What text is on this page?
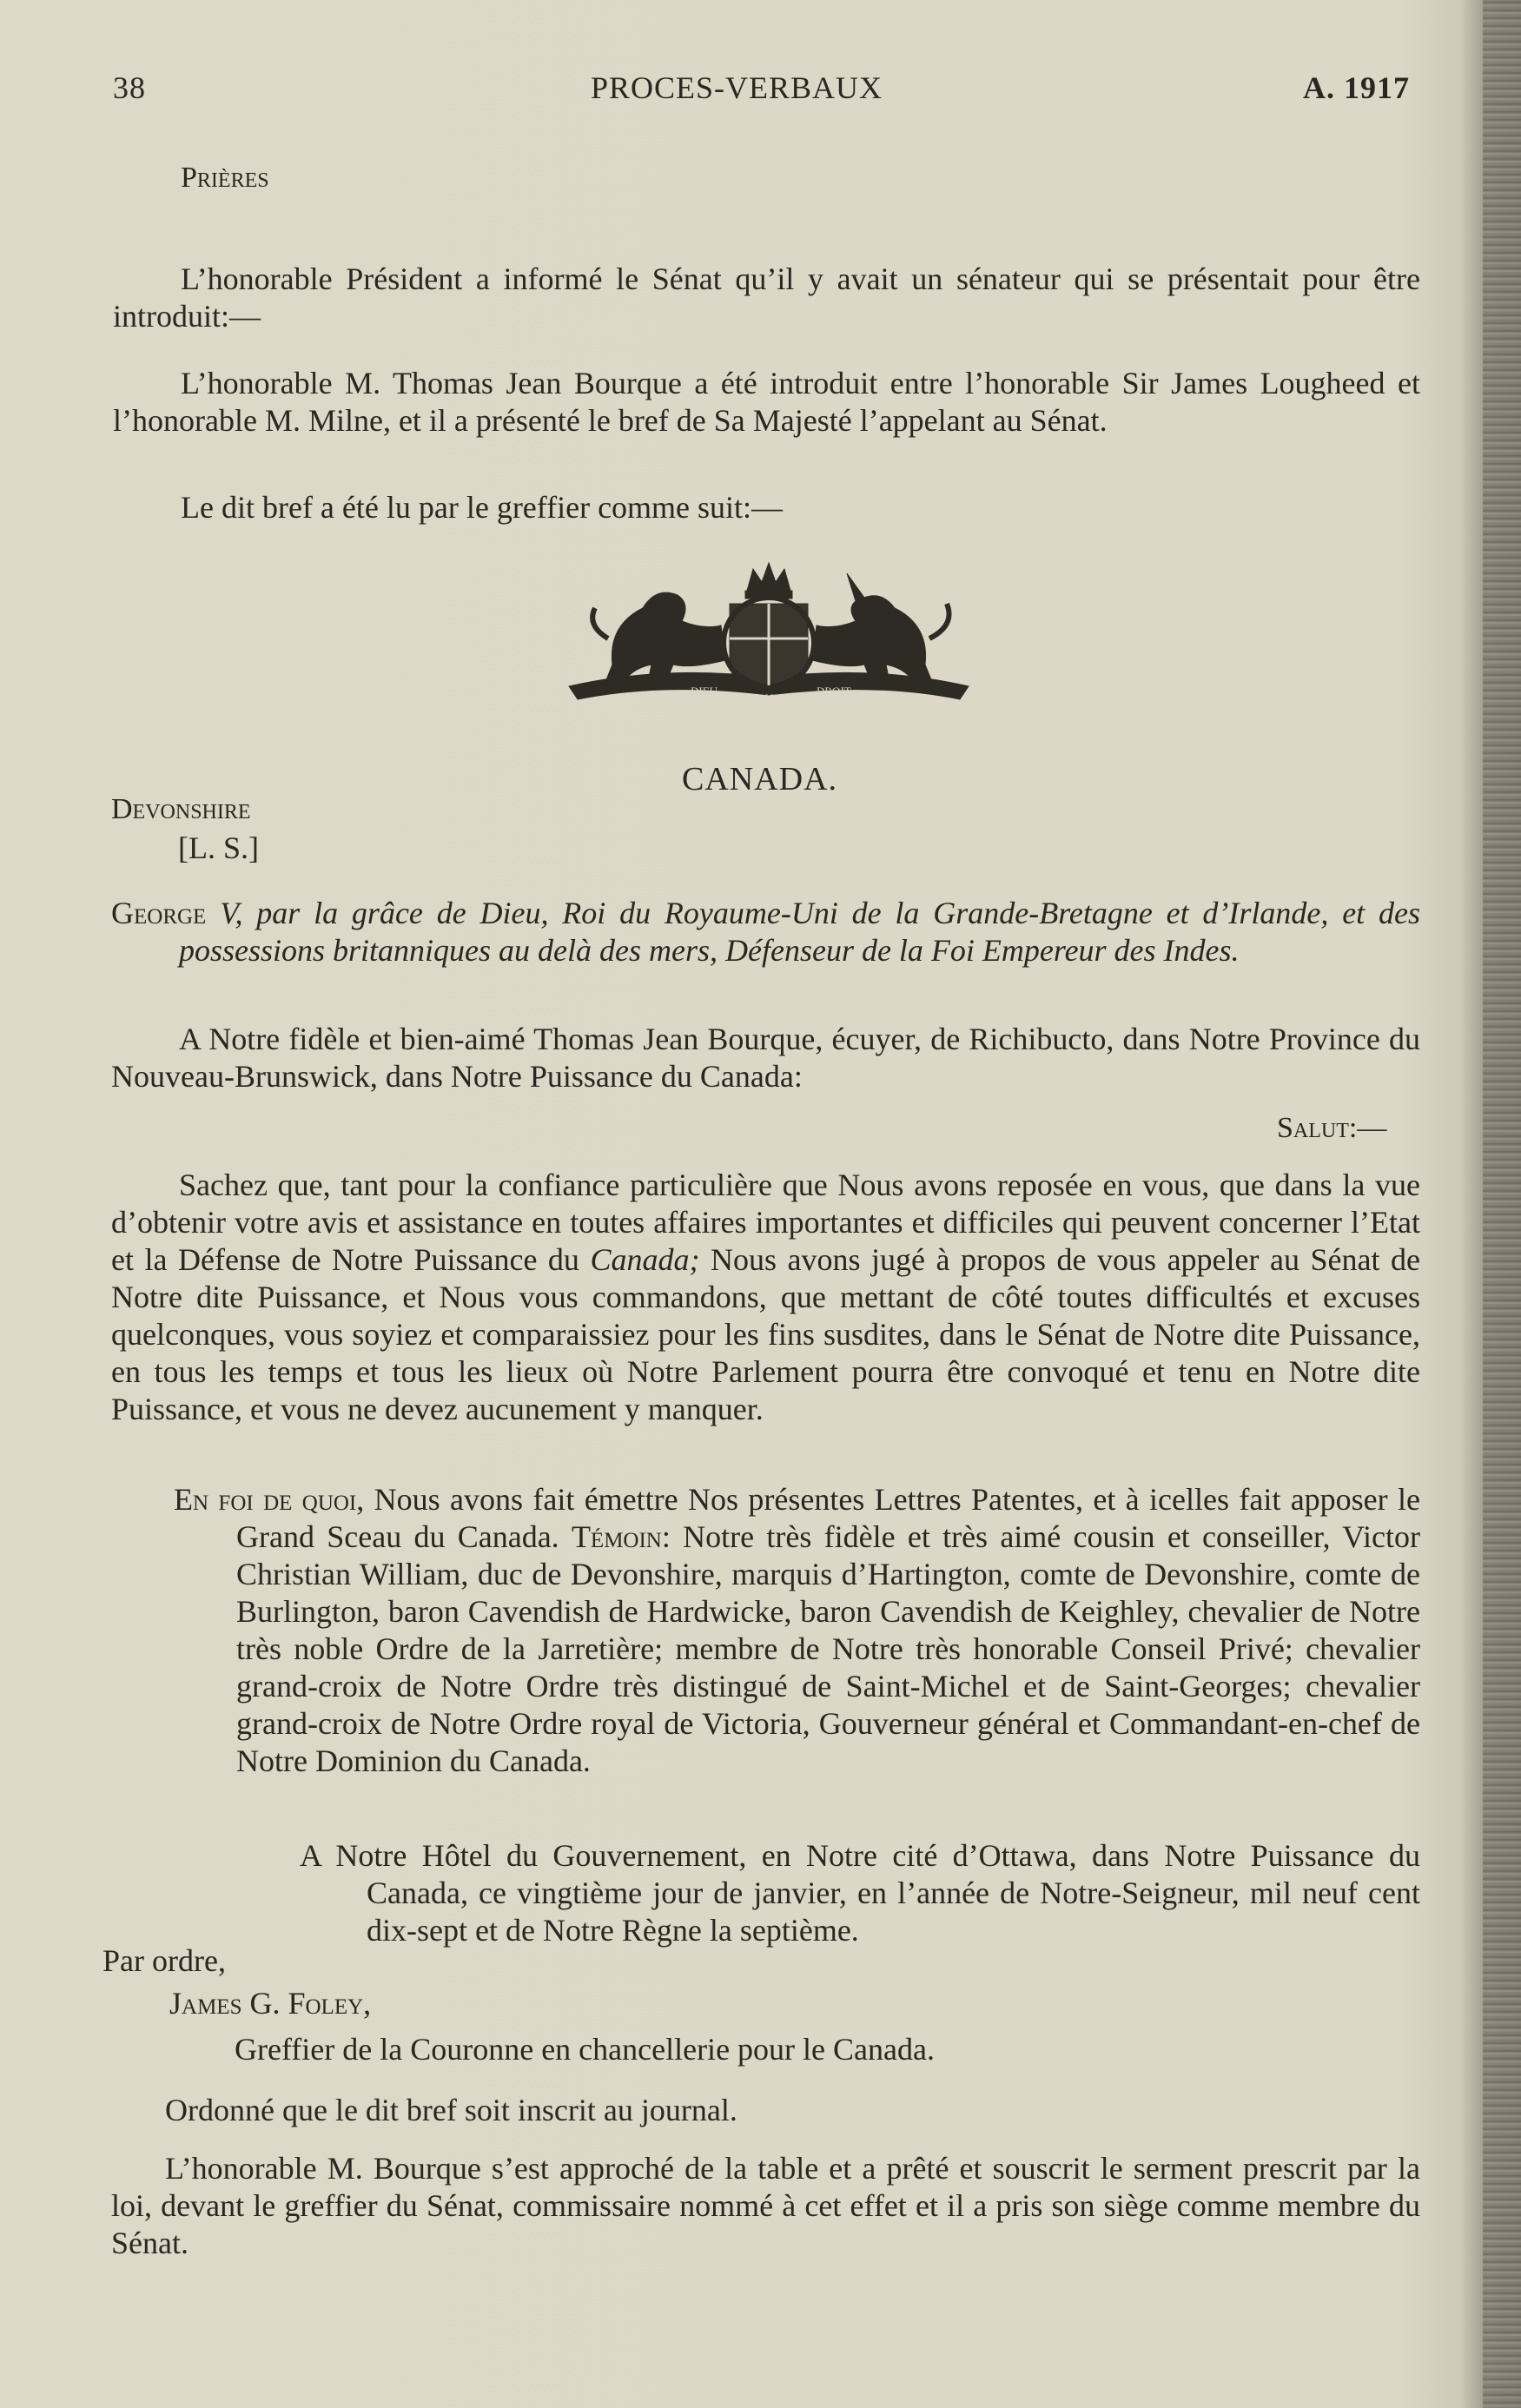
38	PROCES-VERBAUX	A. 1917
Prières

L’honorable Président a informé le Sénat qu’il y avait un sénateur qui se présentait pour être introduit:—

L’honorable M. Thomas Jean Bourque a été introduit entre l’honorable Sir James Lougheed et l’honorable M. Milne, et il a présenté le bref de Sa Majesté l’appelant au Sénat.

Le dit bref a été lu par le greffier comme suit:—

DIEU
MON
DROIT
CANADA.
Devonshire
[L. S.]

George V, par la grâce de Dieu, Roi du Royaume-Uni de la Grande-Bretagne et d’Irlande, et des possessions britanniques au delà des mers, Défenseur de la Foi Empereur des Indes.

A Notre fidèle et bien-aimé Thomas Jean Bourque, écuyer, de Richibucto, dans Notre Province du Nouveau-Brunswick, dans Notre Puissance du Canada:

Salut:—

Sachez que, tant pour la confiance particulière que Nous avons reposée en vous, que dans la vue d’obtenir votre avis et assistance en toutes affaires importantes et difficiles qui peuvent concerner l’Etat et la Défense de Notre Puissance du Canada; Nous avons jugé à propos de vous appeler au Sénat de Notre dite Puissance, et Nous vous commandons, que mettant de côté toutes difficultés et excuses quelconques, vous soyiez et comparaissiez pour les fins susdites, dans le Sénat de Notre dite Puissance, en tous les temps et tous les lieux où Notre Parlement pourra être convoqué et tenu en Notre dite Puissance, et vous ne devez aucunement y manquer.

En foi de quoi, Nous avons fait émettre Nos présentes Lettres Patentes, et à icelles fait apposer le Grand Sceau du Canada. Témoin: Notre très fidèle et très aimé cousin et conseiller, Victor Christian William, duc de Devonshire, marquis d’Hartington, comte de Devonshire, comte de Burlington, baron Cavendish de Hardwicke, baron Cavendish de Keighley, chevalier de Notre très noble Ordre de la Jarretière; membre de Notre très honorable Conseil Privé; chevalier grand-croix de Notre Ordre très distingué de Saint-Michel et de Saint-Georges; chevalier grand-croix de Notre Ordre royal de Victoria, Gouverneur général et Commandant-en-chef de Notre Dominion du Canada.

A Notre Hôtel du Gouvernement, en Notre cité d’Ottawa, dans Notre Puissance du Canada, ce vingtième jour de janvier, en l’année de Notre-Seigneur, mil neuf cent dix-sept et de Notre Règne la septième.

Par ordre,
James G. Foley,
Greffier de la Couronne en chancellerie pour le Canada.

Ordonné que le dit bref soit inscrit au journal.

L’honorable M. Bourque s’est approché de la table et a prêté et souscrit le serment prescrit par la loi, devant le greffier du Sénat, commissaire nommé à cet effet et il a pris son siège comme membre du Sénat.
